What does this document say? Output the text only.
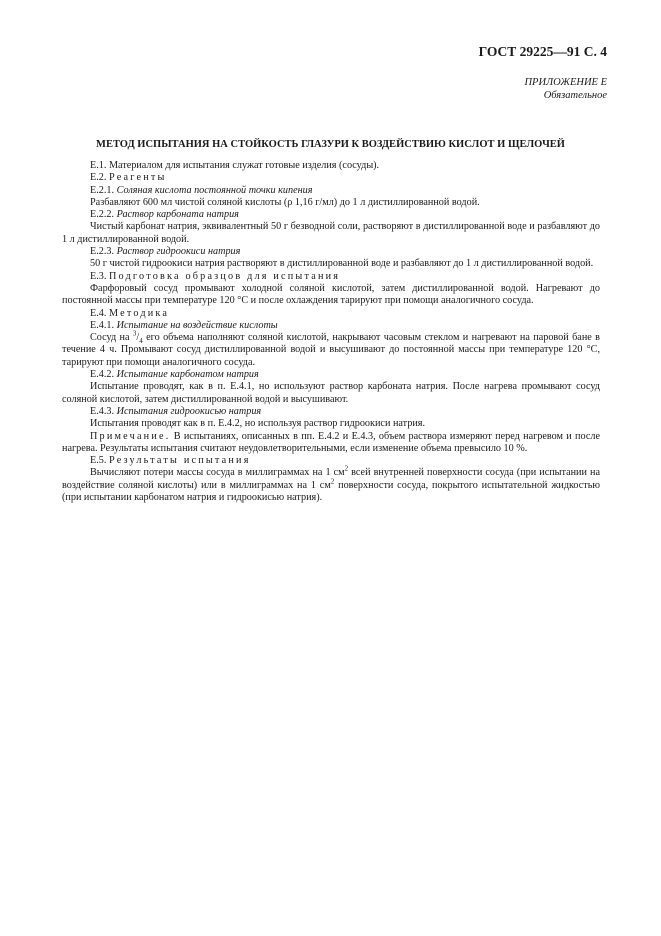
ГОСТ 29225—91 С. 4
ПРИЛОЖЕНИЕ Е
Обязательное
МЕТОД ИСПЫТАНИЯ НА СТОЙКОСТЬ ГЛАЗУРИ К ВОЗДЕЙСТВИЮ КИСЛОТ И ЩЕЛОЧЕЙ

Е.1. Материалом для испытания служат готовые изделия (сосуды).

Е.2. Реагенты

Е.2.1. Соляная кислота постоянной точки кипения

Разбавляют 600 мл чистой соляной кислоты (ρ 1,16 г/мл) до 1 л дистиллированной водой.

Е.2.2. Раствор карбоната натрия

Чистый карбонат натрия, эквивалентный 50 г безводной соли, растворяют в дистиллированной воде и разбавляют до 1 л дистиллированной водой.

Е.2.3. Раствор гидроокиси натрия

50 г чистой гидроокиси натрия растворяют в дистиллированной воде и разбавляют до 1 л дистиллированной водой.

Е.3. Подготовка образцов для испытания

Фарфоровый сосуд промывают холодной соляной кислотой, затем дистиллированной водой. Нагревают до постоянной массы при температуре 120 °С и после охлаждения тарируют при помощи аналогичного сосуда.

Е.4. Методика

Е.4.1. Испытание на воздействие кислоты

Сосуд на $^3/_4$ его объема наполняют соляной кислотой, накрывают часовым стеклом и нагревают на паровой бане в течение 4 ч. Промывают сосуд дистиллированной водой и высушивают до постоянной массы при температуре 120 °С, тарируют при помощи аналогичного сосуда.

Е.4.2. Испытание карбонатом натрия

Испытание проводят, как в п. Е.4.1, но используют раствор карбоната натрия. После нагрева промывают сосуд соляной кислотой, затем дистиллированной водой и высушивают.

Е.4.3. Испытания гидроокисью натрия

Испытания проводят как в п. Е.4.2, но используя раствор гидроокиси натрия.

Примечание. В испытаниях, описанных в пп. Е.4.2 и Е.4.3, объем раствора измеряют перед нагревом и после нагрева. Результаты испытания считают неудовлетворительными, если изменение объема превысило 10 %.

Е.5. Результаты испытания

Вычисляют потери массы сосуда в миллиграммах на 1 $см^2$ всей внутренней поверхности сосуда (при испытании на воздействие соляной кислоты) или в миллиграммах на 1 $см^2$ поверхности сосуда, покрытого испытательной жидкостью (при испытании карбонатом натрия и гидроокисью натрия).
